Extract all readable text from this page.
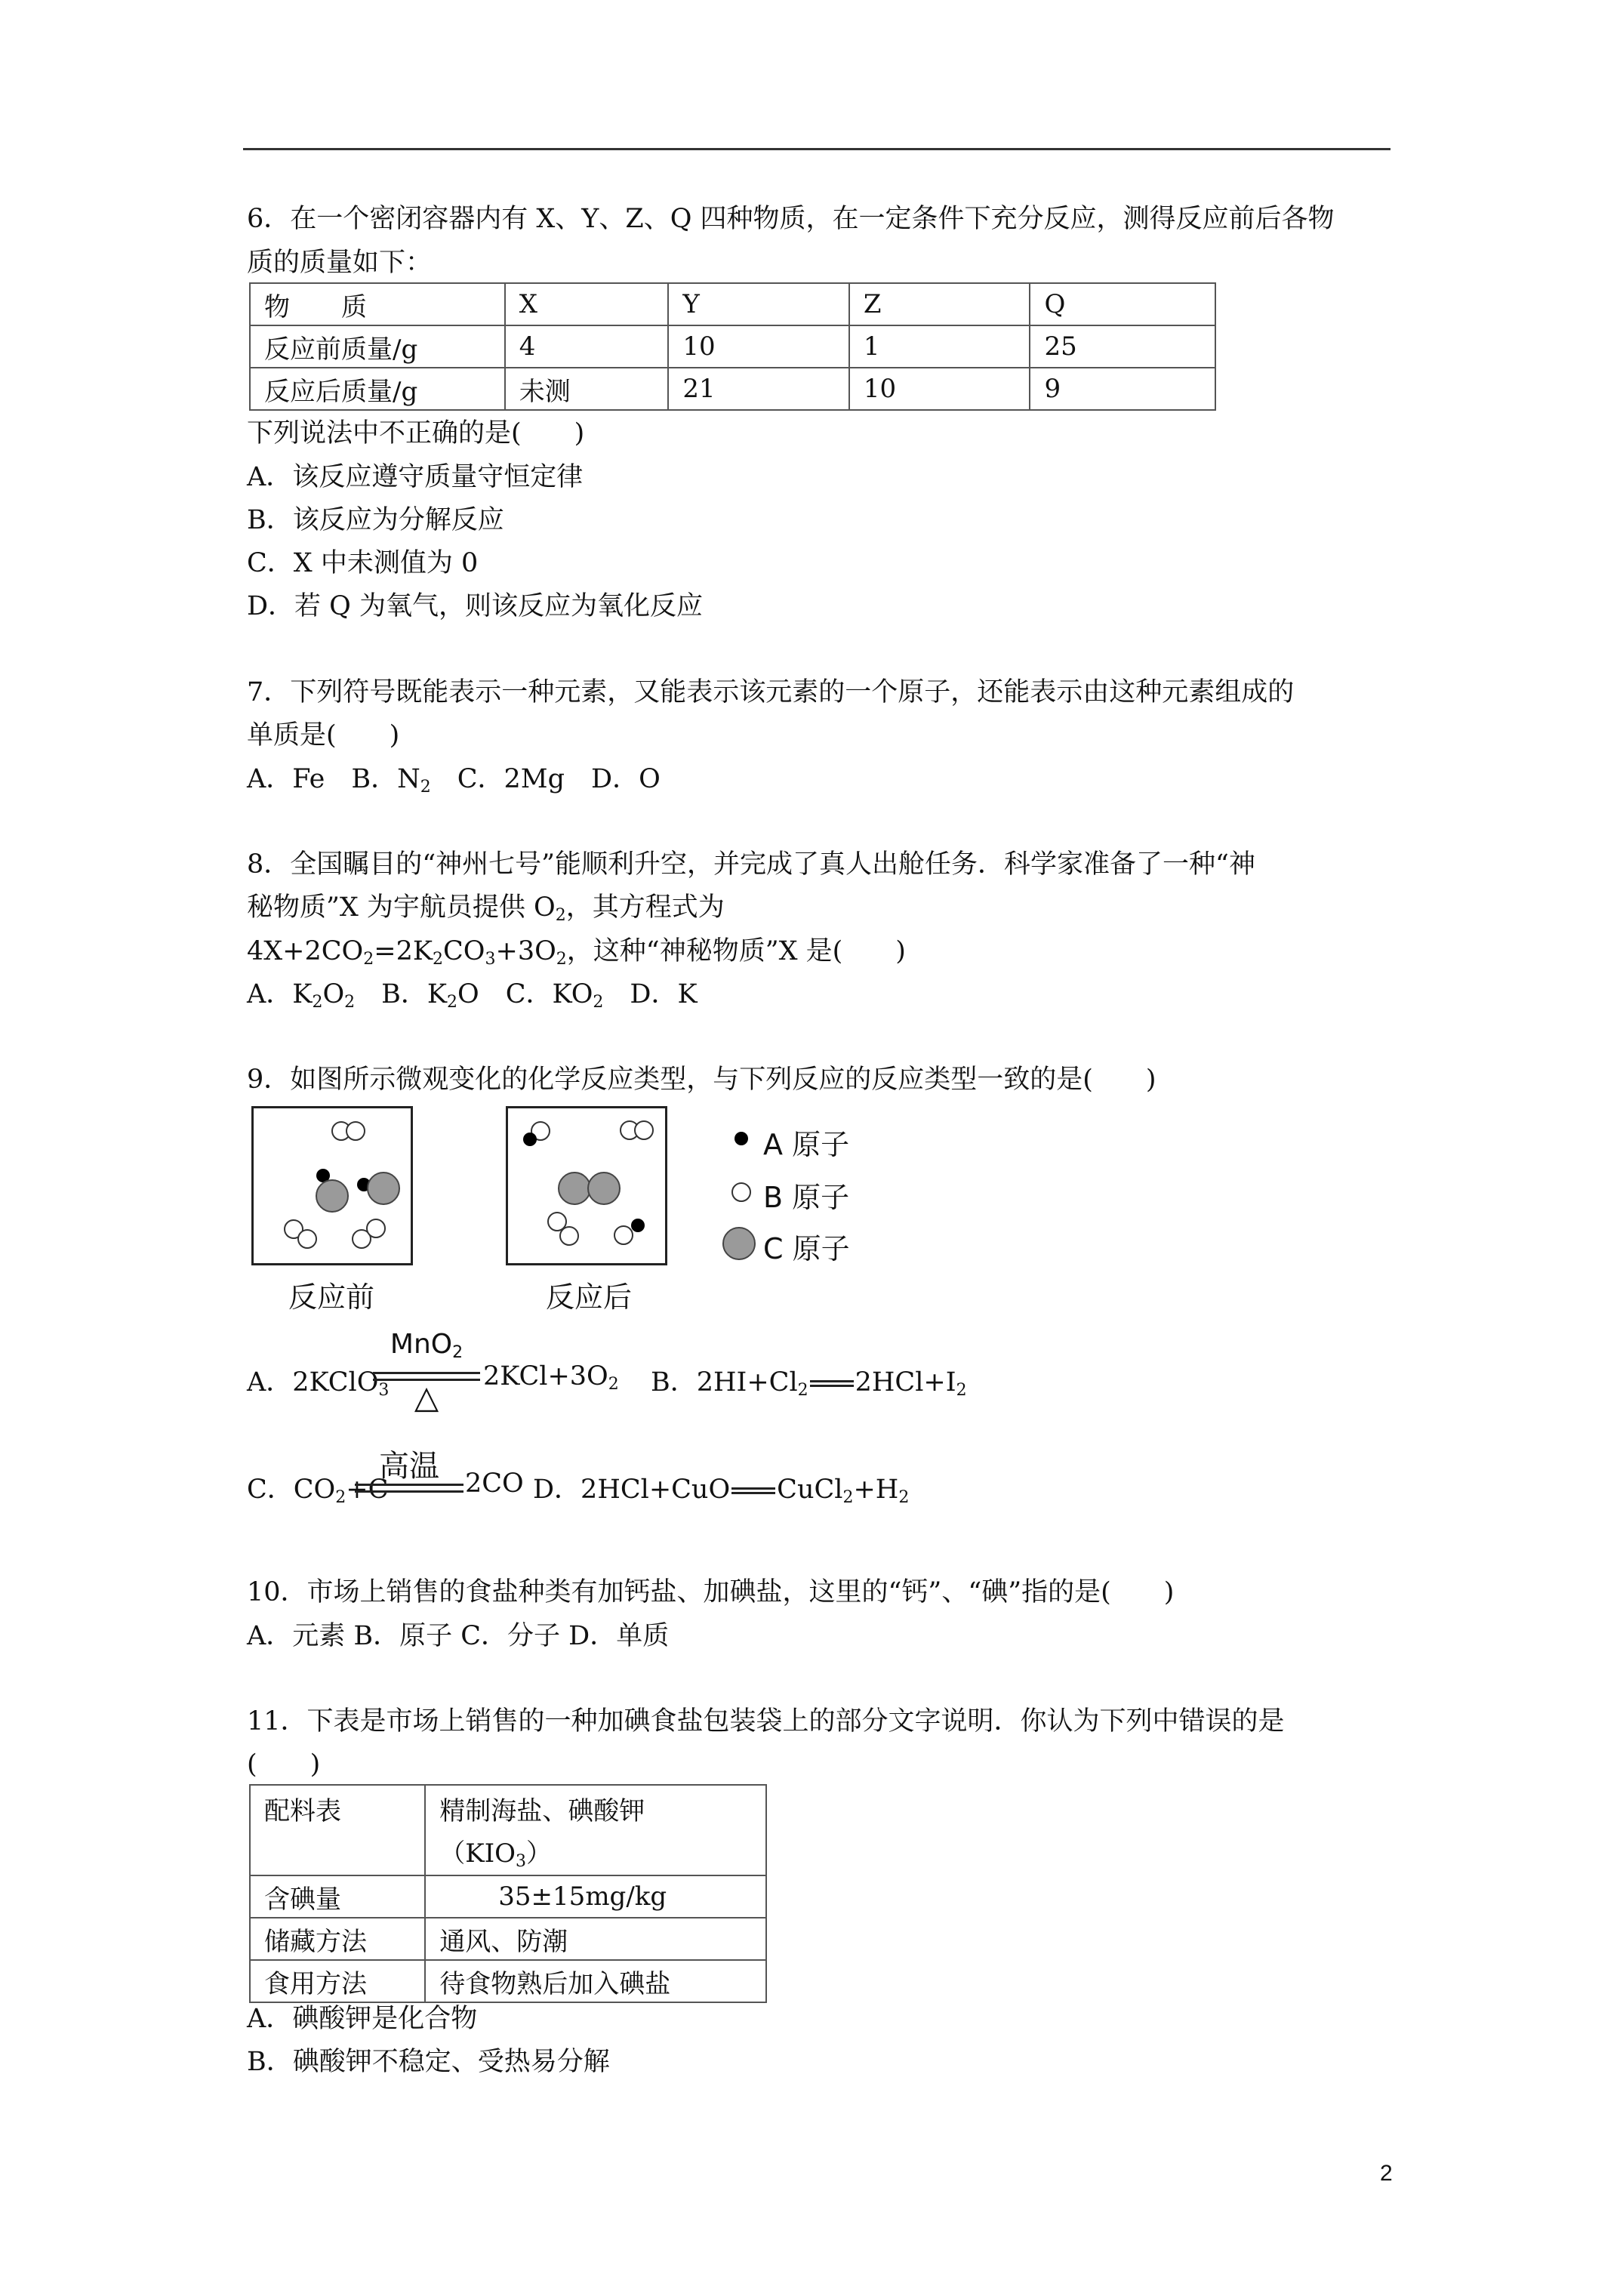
6．在一个密闭容器内有 X、Y、Z、Q 四种物质，在一定条件下充分反应，测得反应前后各物
质的质量如下：
物　　质	X	Y	Z	Q
反应前质量/g	4	10	1	25
反应后质量/g	未测	21	10	9
下列说法中不正确的是(　　)
A．该反应遵守质量守恒定律
B．该反应为分解反应
C．X 中未测值为 0
D．若 Q 为氧气，则该反应为氧化反应
7．下列符号既能表示一种元素，又能表示该元素的一个原子，还能表示由这种元素组成的
单质是(　　)
A．Fe　B．$N_2$　C．2Mg　D．O
8．全国瞩目的“神州七号”能顺利升空，并完成了真人出舱任务．科学家准备了一种“神
秘物质”X 为宇航员提供 $O_2$，其方程式为
$4X+2CO_2=2K_2CO_3+3O_2$，这种“神秘物质”X 是(　　)
A．$K_2O_2$　B．$K_2O$　C．$KO_2$　D．K
9．如图所示微观变化的化学反应类型，与下列反应的反应类型一致的是(　　)
反应前	反应后
A 原子
B 原子
C 原子
A．2KClO$_3$
MnO$_2$
△
$2KCl+3O_2$ B．$2HI+Cl_2$ $2HCl+I_2$
C．$CO_2+C$
高温 2CO D．2HCl+CuO $CuCl_2+H_2$
10．市场上销售的食盐种类有加钙盐、加碘盐，这里的“钙”、“碘”指的是(　　)
A．元素 B．原子 C．分子 D．单质
11．下表是市场上销售的一种加碘食盐包装袋上的部分文字说明．你认为下列中错误的是
(　　)
配料表	精制海盐、碘酸钾
$(KIO_3)$

含碘量	35±15mg/kg
储藏方法	通风、防潮
食用方法	待食物熟后加入碘盐
A．碘酸钾是化合物
B．碘酸钾不稳定、受热易分解
2
